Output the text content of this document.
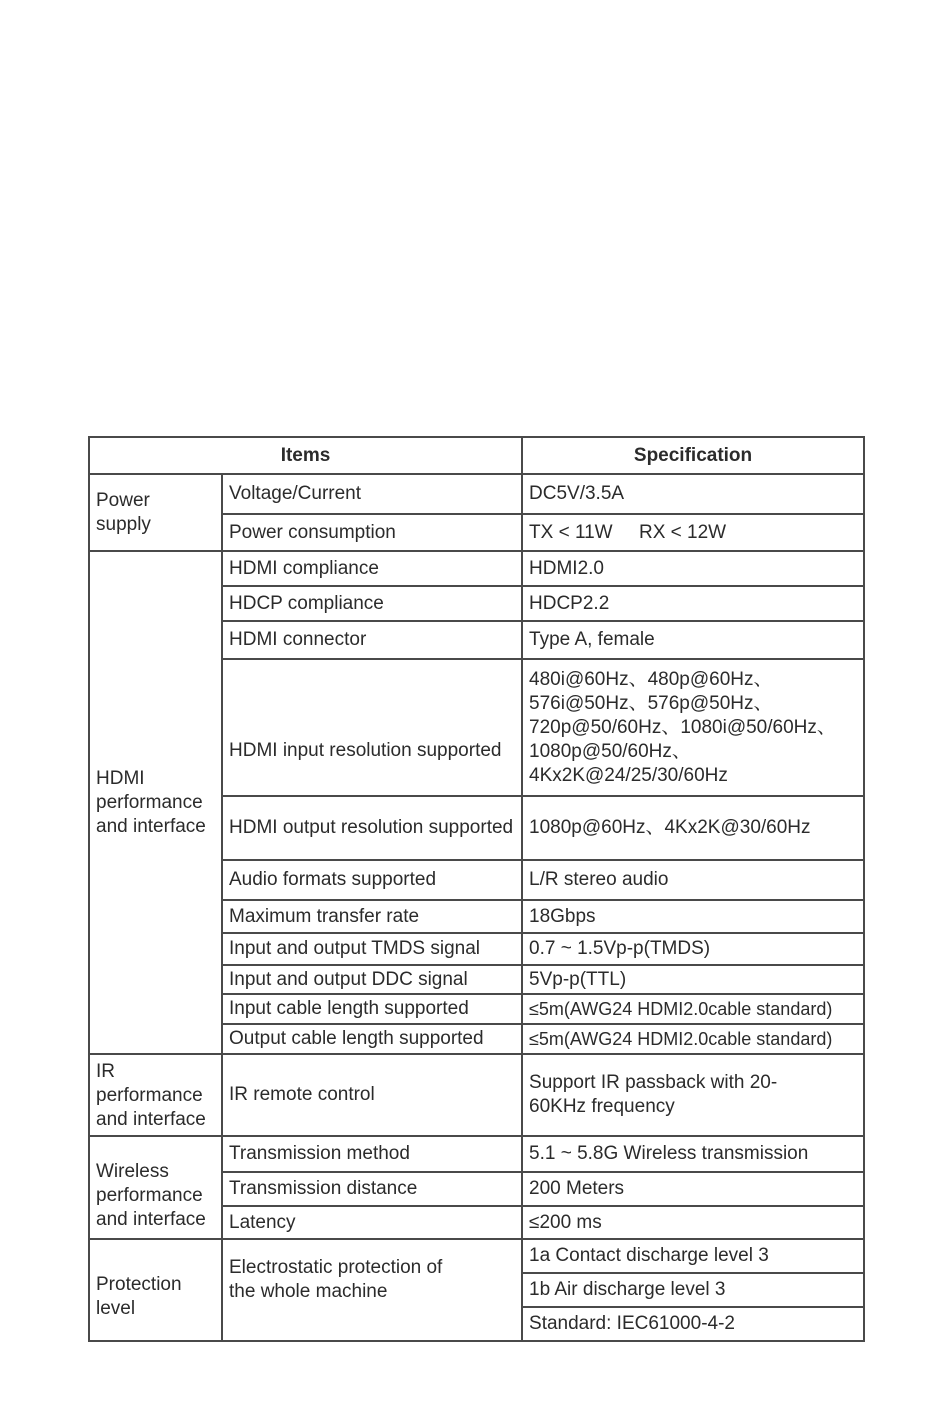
Items		Specification
Power
supply	Voltage/Current	DC5V/3.5A
	Power consumption	TX < 11W     RX < 12W
HDMI
performance
and interface	HDMI compliance	HDMI2.0
	HDCP compliance	HDCP2.2
	HDMI connector	Type A, female
	HDMI input resolution supported	480i@60Hz、480p@60Hz、576i@50Hz、576p@50Hz、720p@50/60Hz、1080i@50/60Hz、1080p@50/60Hz、4Kx2K@24/25/30/60Hz
	HDMI output resolution supported	1080p@60Hz、4Kx2K@30/60Hz
	Audio formats supported	L/R stereo audio
	Maximum transfer rate	18Gbps
	Input and output TMDS signal	0.7 ~ 1.5Vp-p(TMDS)
	Input and output DDC signal	5Vp-p(TTL)
	Input cable length supported	≤5m(AWG24 HDMI2.0cable standard)
	Output cable length supported	≤5m(AWG24 HDMI2.0cable standard)
IR
performance
and interface	IR remote control	Support IR passback with 20-60KHz frequency
Wireless
performance
and interface	Transmission method	5.1 ~ 5.8G Wireless transmission
	Transmission distance	200 Meters
	Latency	≤200 ms
Protection
level	Electrostatic protection of the whole machine	1a Contact discharge level 3
		1b Air discharge level 3
		Standard: IEC61000-4-2
